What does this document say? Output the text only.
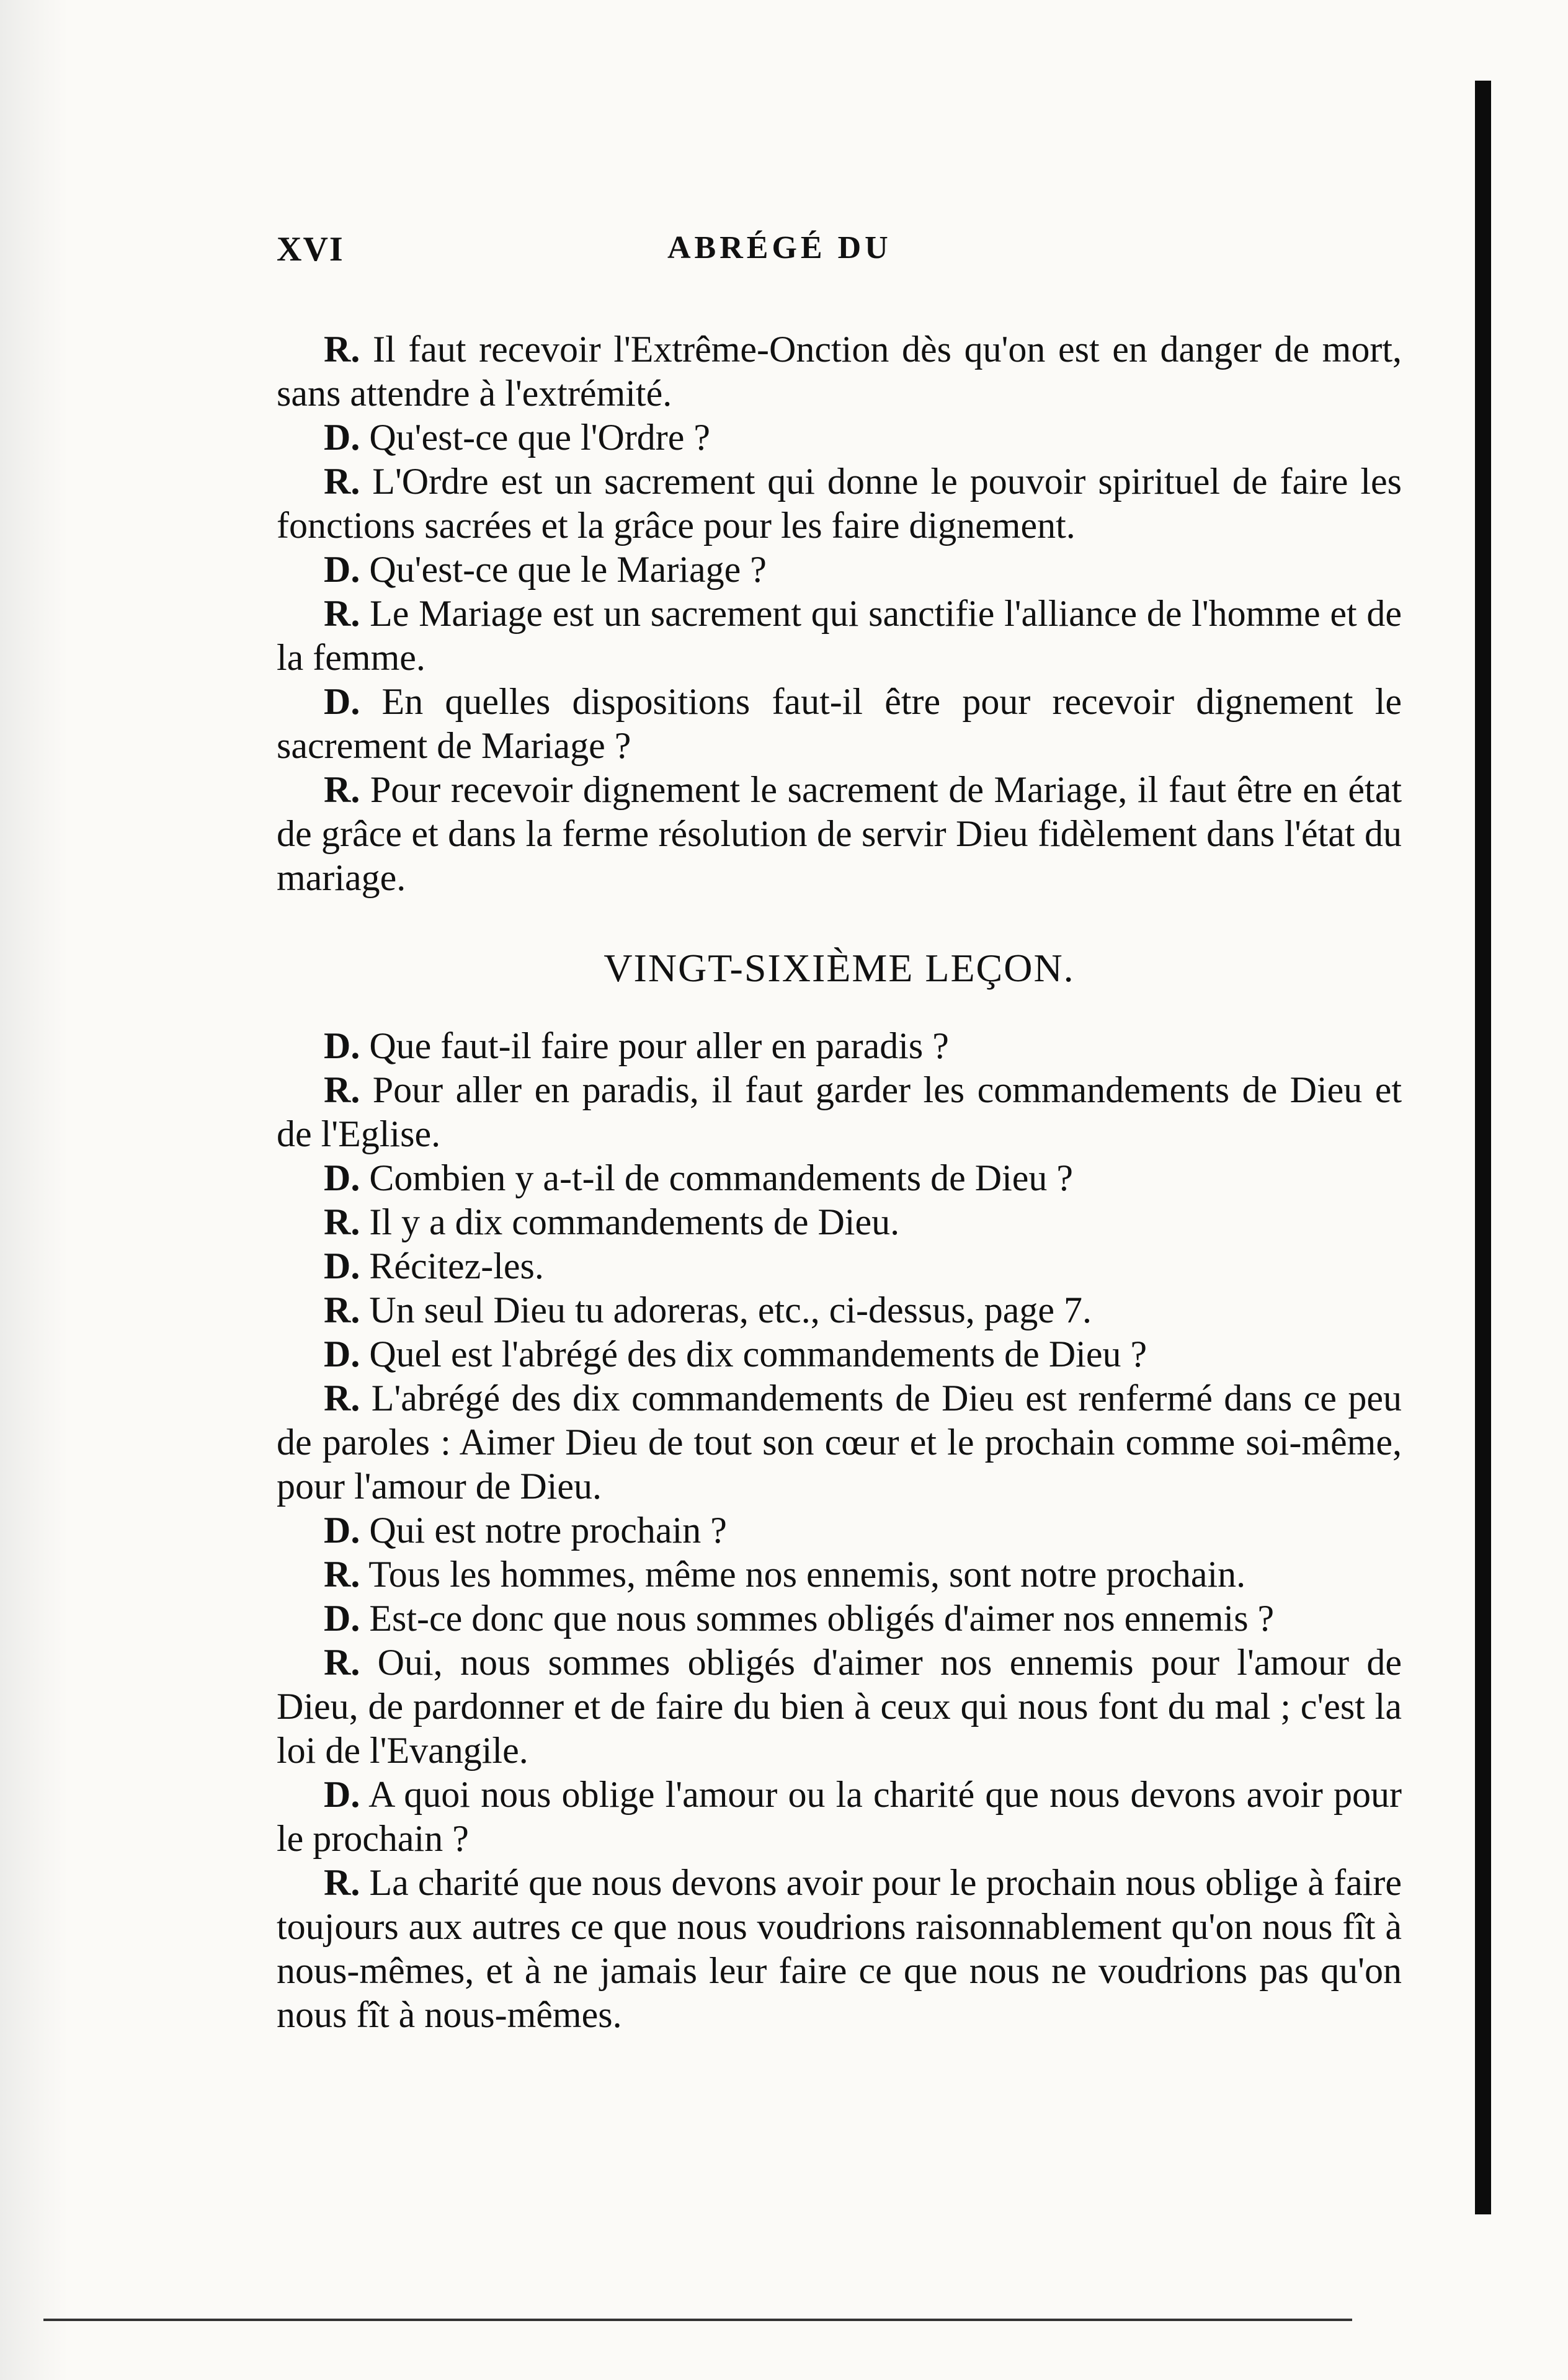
XVI	ABRÉGÉ DU

R. Il faut recevoir l'Extrême-Onction dès qu'on est en danger de mort, sans attendre à l'extrémité.

D. Qu'est-ce que l'Ordre ?

R. L'Ordre est un sacrement qui donne le pouvoir spirituel de faire les fonctions sacrées et la grâce pour les faire dignement.

D. Qu'est-ce que le Mariage ?

R. Le Mariage est un sacrement qui sanctifie l'alliance de l'homme et de la femme.

D. En quelles dispositions faut-il être pour recevoir dignement le sacrement de Mariage ?

R. Pour recevoir dignement le sacrement de Mariage, il faut être en état de grâce et dans la ferme résolution de servir Dieu fidèlement dans l'état du mariage.

VINGT-SIXIÈME LEÇON.

D. Que faut-il faire pour aller en paradis ?

R. Pour aller en paradis, il faut garder les commandements de Dieu et de l'Eglise.

D. Combien y a-t-il de commandements de Dieu ?

R. Il y a dix commandements de Dieu.

D. Récitez-les.

R. Un seul Dieu tu adoreras, etc., ci-dessus, page 7.

D. Quel est l'abrégé des dix commandements de Dieu ?

R. L'abrégé des dix commandements de Dieu est renfermé dans ce peu de paroles : Aimer Dieu de tout son cœur et le prochain comme soi-même, pour l'amour de Dieu.

D. Qui est notre prochain ?

R. Tous les hommes, même nos ennemis, sont notre prochain.

D. Est-ce donc que nous sommes obligés d'aimer nos ennemis ?

R. Oui, nous sommes obligés d'aimer nos ennemis pour l'amour de Dieu, de pardonner et de faire du bien à ceux qui nous font du mal ; c'est la loi de l'Evangile.

D. A quoi nous oblige l'amour ou la charité que nous devons avoir pour le prochain ?

R. La charité que nous devons avoir pour le prochain nous oblige à faire toujours aux autres ce que nous voudrions raisonnablement qu'on nous fît à nous-mêmes, et à ne jamais leur faire ce que nous ne voudrions pas qu'on nous fît à nous-mêmes.
